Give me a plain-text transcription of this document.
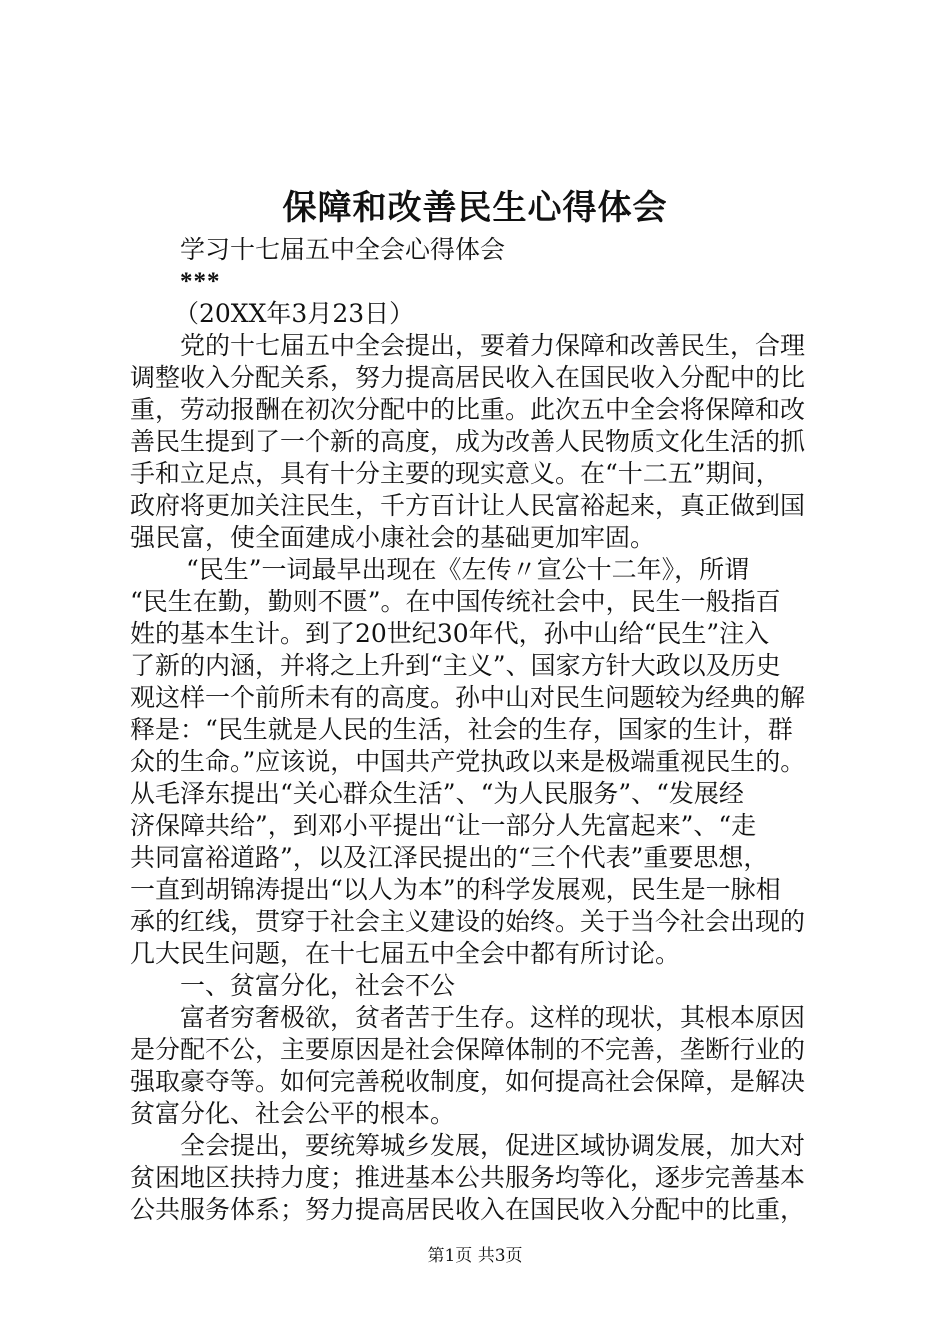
保障和改善民生心得体会
学习十七届五中全会心得体会
***
（20XX年3月23日）
党的十七届五中全会提出，要着力保障和改善民生，合理
调整收入分配关系，努力提高居民收入在国民收入分配中的比
重，劳动报酬在初次分配中的比重。此次五中全会将保障和改
善民生提到了一个新的高度，成为改善人民物质文化生活的抓
手和立足点，具有十分主要的现实意义。在“十二五”期间，
政府将更加关注民生，千方百计让人民富裕起来，真正做到国
强民富，使全面建成小康社会的基础更加牢固。
“民生”一词最早出现在《左传〃宣公十二年》，所谓
“民生在勤，勤则不匮”。在中国传统社会中，民生一般指百
姓的基本生计。到了20世纪30年代，孙中山给“民生”注入
了新的内涵，并将之上升到“主义”、国家方针大政以及历史
观这样一个前所未有的高度。孙中山对民生问题较为经典的解
释是：“民生就是人民的生活，社会的生存，国家的生计，群
众的生命。”应该说，中国共产党执政以来是极端重视民生的。
从毛泽东提出“关心群众生活”、“为人民服务”、“发展经
济保障共给”，到邓小平提出“让一部分人先富起来”、“走
共同富裕道路”，以及江泽民提出的“三个代表”重要思想，
一直到胡锦涛提出“以人为本”的科学发展观，民生是一脉相
承的红线，贯穿于社会主义建设的始终。关于当今社会出现的
几大民生问题，在十七届五中全会中都有所讨论。
一、贫富分化，社会不公
富者穷奢极欲，贫者苦于生存。这样的现状，其根本原因
是分配不公，主要原因是社会保障体制的不完善，垄断行业的
强取豪夺等。如何完善税收制度，如何提高社会保障，是解决
贫富分化、社会公平的根本。
全会提出，要统筹城乡发展，促进区域协调发展，加大对
贫困地区扶持力度；推进基本公共服务均等化，逐步完善基本
公共服务体系；努力提高居民收入在国民收入分配中的比重，
第1页 共3页
